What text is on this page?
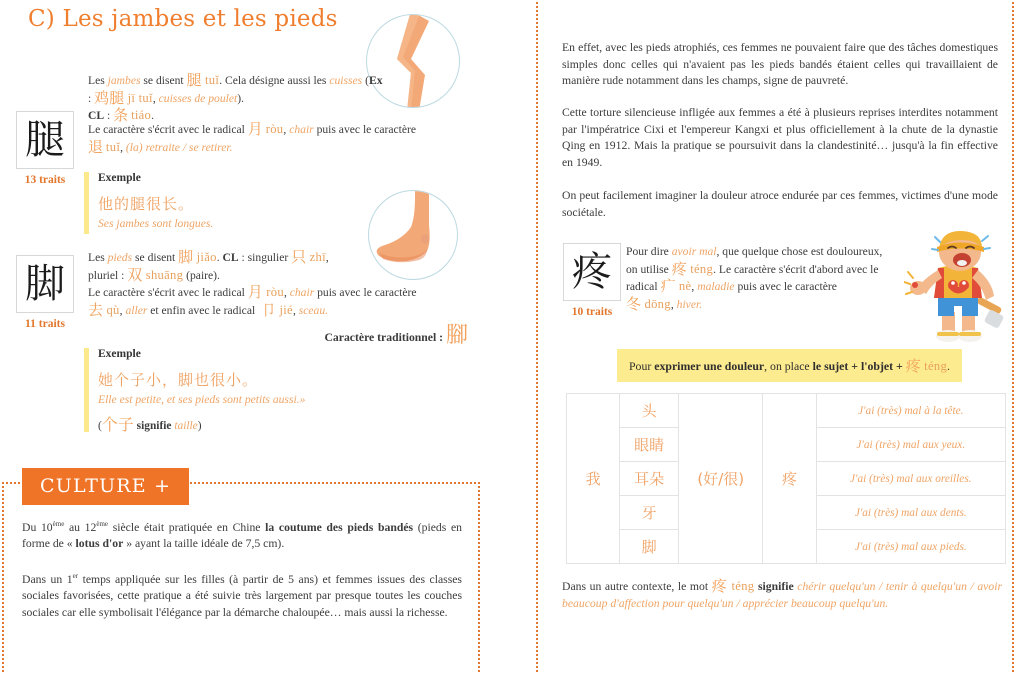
C) Les jambes et les pieds
腿
13 traits
Les jambes se disent 腿 tuǐ. Cela désigne aussi les cuisses (Ex : 鸡腿 jī tuǐ, cuisses de poulet).
CL : 条 tiáo.
Le caractère s'écrit avec le radical 月 ròu, chair puis avec le caractère
退 tuǐ, (la) retraite / se retirer.
Exemple
他的腿很长。
Ses jambes sont longues.
脚
11 traits
Les pieds se disent 脚 jiǎo. CL : singulier 只 zhī,
pluriel : 双 shuāng (paire).
Le caractère s'écrit avec le radical 月 ròu, chair puis avec le caractère
去 qù, aller et enfin avec le radical  卩 jié, sceau.
Caractère traditionnel : 腳
Exemple
她个子小，脚也很小。
Elle est petite, et ses pieds sont petits aussi.»
(个子 signifie taille)
CULTURE +
Du 10ème au 12ème siècle était pratiquée en Chine la coutume des pieds bandés (pieds en forme de « lotus d'or » ayant la taille idéale de 7,5 cm).
Dans un 1er temps appliquée sur les filles (à partir de 5 ans) et femmes issues des classes sociales favorisées, cette pratique a été suivie très largement par presque toutes les couches sociales car elle symbolisait l'élégance par la démarche chaloupée… mais aussi la richesse.
En effet, avec les pieds atrophiés, ces femmes ne pouvaient faire que des tâches domestiques simples donc celles qui n'avaient pas les pieds bandés étaient celles qui travaillaient de manière rude notamment dans les champs, signe de pauvreté.
Cette torture silencieuse infligée aux femmes a été à plusieurs reprises interdites notamment par l'impératrice Cixi et l'empereur Kangxi et plus officiellement à la chute de la dynastie Qing en 1912. Mais la pratique se poursuivit dans la clandestinité… jusqu'à la fin effective en 1949.
On peut facilement imaginer la douleur atroce endurée par ces femmes, victimes d'une mode sociétale.
疼
10 traits
Pour dire avoir mal, que quelque chose est douloureux, on utilise 疼 téng. Le caractère s'écrit d'abord avec le radical 疒 nè, maladie puis avec le caractère 冬 dōng, hiver.
Pour exprimer une douleur, on place le sujet + l'objet + 疼 téng.
我	头	(好/很)	疼	J'ai (très) mal à la tête.
	眼睛			J'ai (très) mal aux yeux.
	耳朵			J'ai (très) mal aux oreilles.
	牙			J'ai (très) mal aux dents.
	脚			J'ai (très) mal aux pieds.
Dans un autre contexte, le mot 疼 téng signifie chérir quelqu'un / tenir à quelqu'un / avoir beaucoup d'affection pour quelqu'un / apprécier beaucoup quelqu'un.
